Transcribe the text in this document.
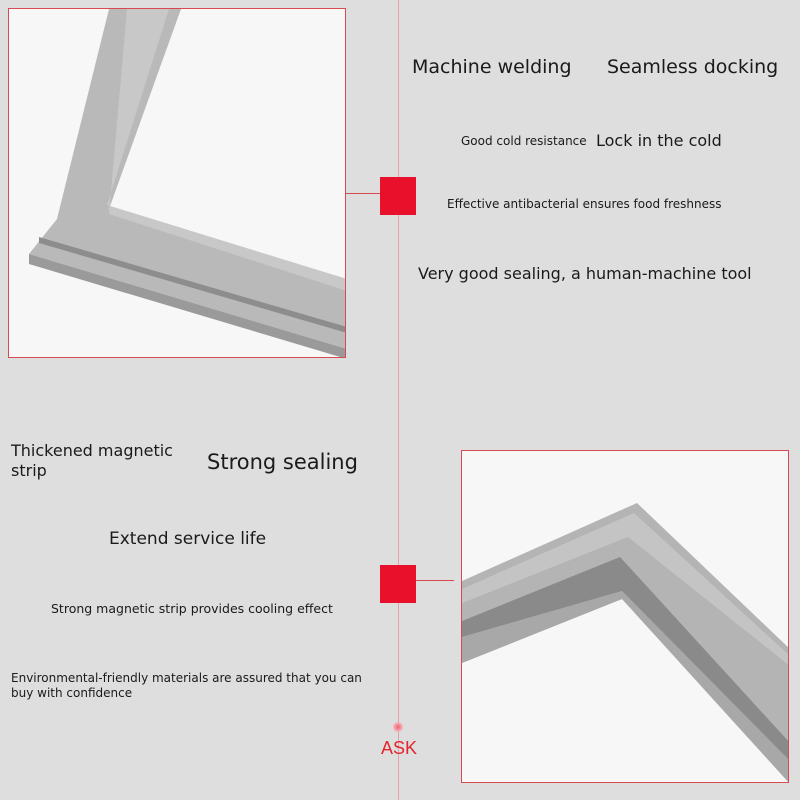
Machine welding Seamless docking
Good cold resistance Lock in the cold
Effective antibacterial ensures food freshness
Very good sealing, a human-machine tool
Thickened magnetic
strip	Strong sealing
Extend service life
Strong magnetic strip provides cooling effect
Environmental-friendly materials are assured that you can
buy with confidence
ASK
